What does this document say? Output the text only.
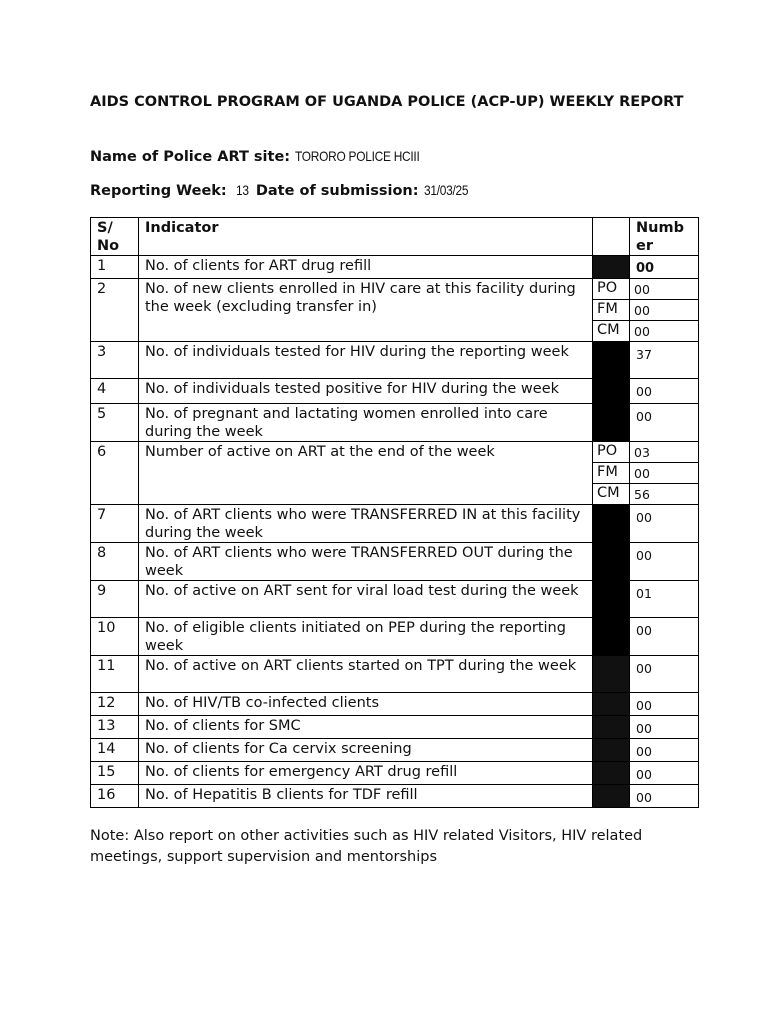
AIDS CONTROL PROGRAM OF UGANDA POLICE (ACP-UP) WEEKLY REPORT
Name of Police ART site: TORORO POLICE HCIII
Reporting Week: 13 Date of submission: 31/03/25
S/ No	Indicator		Numb er
1	No. of clients for ART drug refill		00
2	No. of new clients enrolled in HIV care at this facility during the week (excluding transfer in)	PO	00
		FM	00
		CM	00
3	No. of individuals tested for HIV during the reporting week		37
4	No. of individuals tested positive for HIV during the week		00
5	No. of pregnant and lactating women enrolled into care during the week		00
6	Number of active on ART at the end of the week	PO	03
		FM	00
		CM	56
7	No. of ART clients who were TRANSFERRED IN at this facility during the week		00
8	No. of ART clients who were TRANSFERRED OUT during the week		00
9	No. of active on ART sent for viral load test during the week		01
10	No. of eligible clients initiated on PEP during the reporting week		00
11	No. of active on ART clients started on TPT during the week		00
12	No. of HIV/TB co-infected clients		00
13	No. of clients for SMC		00
14	No. of clients for Ca cervix screening		00
15	No. of clients for emergency ART drug refill		00
16	No. of Hepatitis B clients for TDF refill		00
Note: Also report on other activities such as HIV related Visitors, HIV related meetings, support supervision and mentorships
